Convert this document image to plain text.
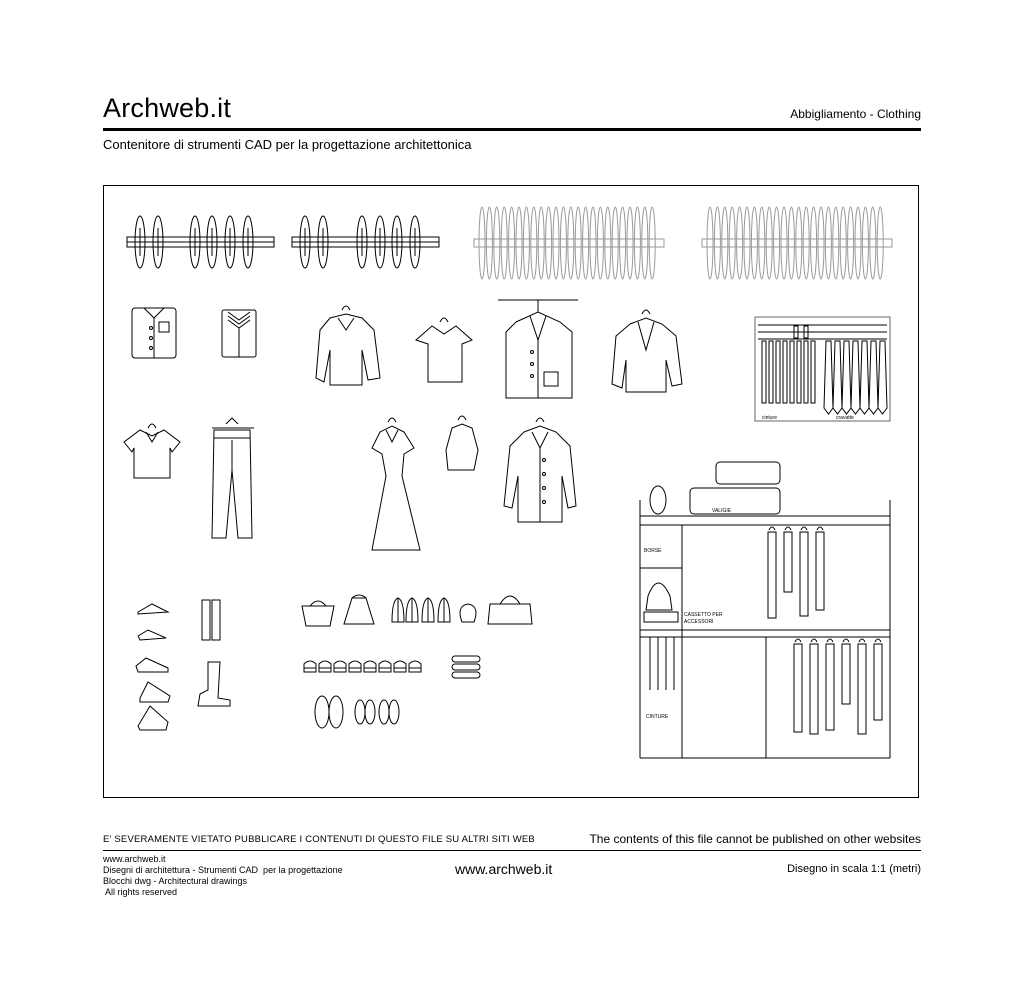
Archweb.it	Abbigliamento - Clothing
Contenitore di strumenti CAD per la progettazione architettonica
cinture	cravatte
VALIGIE
BORSE
CASSETTO PER
ACCESSORI
CINTURE
E' SEVERAMENTE VIETATO PUBBLICARE I CONTENUTI DI QUESTO FILE SU ALTRI SITI WEB	The contents of this file cannot be published on other websites
www.archweb.it
Disegni di architettura - Strumenti CAD  per la progettazione
Blocchi dwg - Architectural drawings
All rights reserved
www.archweb.it	Disegno in scala 1:1 (metri)
